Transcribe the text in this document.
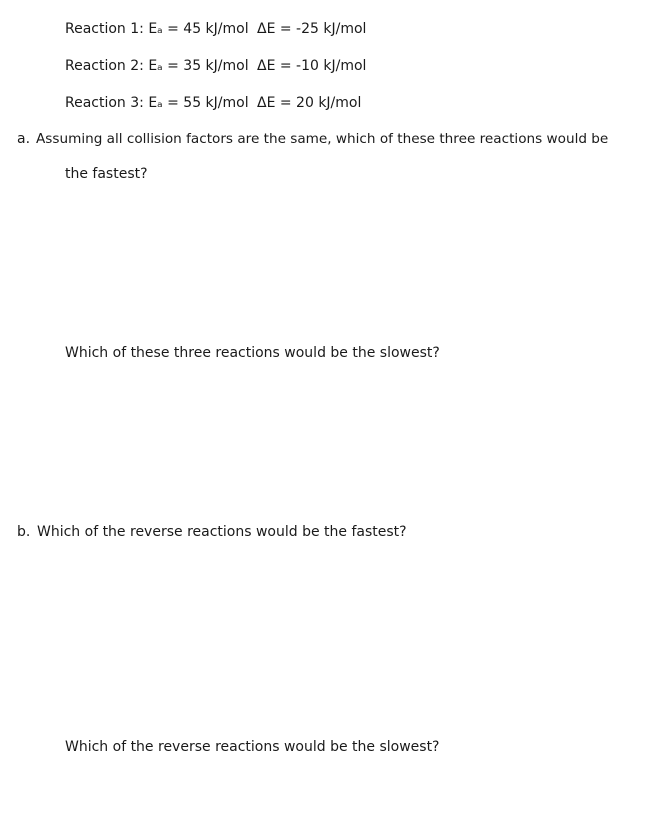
Reaction 1: Eₐ = 45 kJ/mol ΔE = -25 kJ/mol
Reaction 2: Eₐ = 35 kJ/mol ΔE = -10 kJ/mol
Reaction 3: Eₐ = 55 kJ/mol ΔE = 20 kJ/mol
a. Assuming all collision factors are the same, which of these three reactions would be
the fastest?
Which of these three reactions would be the slowest?
b. Which of the reverse reactions would be the fastest?
Which of the reverse reactions would be the slowest?
